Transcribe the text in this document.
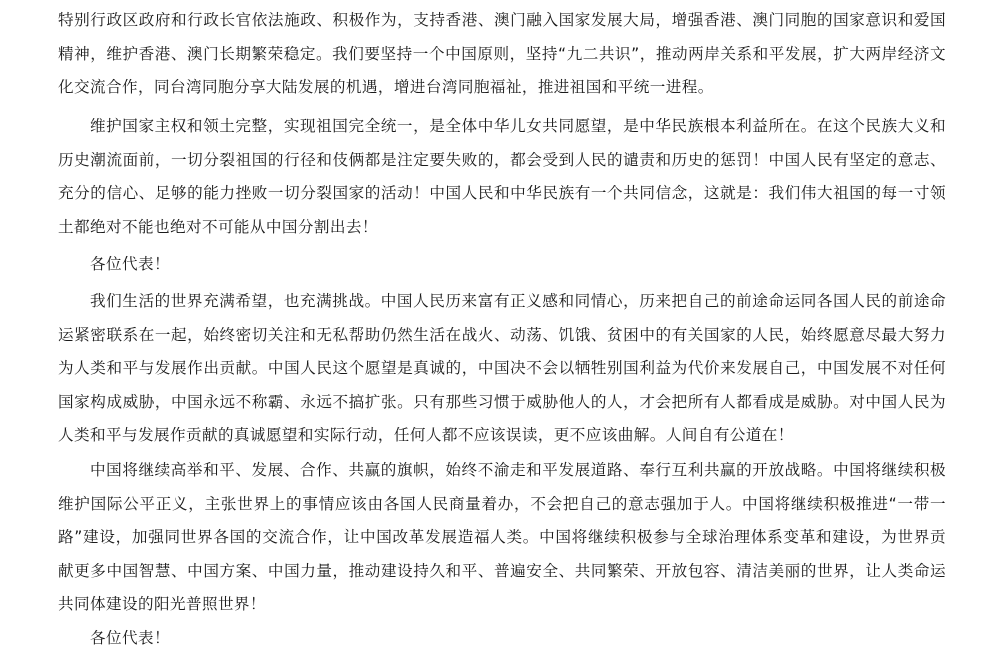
特别行政区政府和行政长官依法施政、积极作为，支持香港、澳门融入国家发展大局，增强香港、澳门同胞的国家意识和爱国精神，维护香港、澳门长期繁荣稳定。我们要坚持一个中国原则，坚持“九二共识”，推动两岸关系和平发展，扩大两岸经济文化交流合作，同台湾同胞分享大陆发展的机遇，增进台湾同胞福祉，推进祖国和平统一进程。

维护国家主权和领土完整，实现祖国完全统一，是全体中华儿女共同愿望，是中华民族根本利益所在。在这个民族大义和历史潮流面前，一切分裂祖国的行径和伎俩都是注定要失败的，都会受到人民的谴责和历史的惩罚！中国人民有坚定的意志、充分的信心、足够的能力挫败一切分裂国家的活动！中国人民和中华民族有一个共同信念，这就是：我们伟大祖国的每一寸领土都绝对不能也绝对不可能从中国分割出去！

各位代表！

我们生活的世界充满希望，也充满挑战。中国人民历来富有正义感和同情心，历来把自己的前途命运同各国人民的前途命运紧密联系在一起，始终密切关注和无私帮助仍然生活在战火、动荡、饥饿、贫困中的有关国家的人民，始终愿意尽最大努力为人类和平与发展作出贡献。中国人民这个愿望是真诚的，中国决不会以牺牲别国利益为代价来发展自己，中国发展不对任何国家构成威胁，中国永远不称霸、永远不搞扩张。只有那些习惯于威胁他人的人，才会把所有人都看成是威胁。对中国人民为人类和平与发展作贡献的真诚愿望和实际行动，任何人都不应该误读，更不应该曲解。人间自有公道在！

中国将继续高举和平、发展、合作、共赢的旗帜，始终不渝走和平发展道路、奉行互利共赢的开放战略。中国将继续积极维护国际公平正义，主张世界上的事情应该由各国人民商量着办，不会把自己的意志强加于人。中国将继续积极推进“一带一路”建设，加强同世界各国的交流合作，让中国改革发展造福人类。中国将继续积极参与全球治理体系变革和建设，为世界贡献更多中国智慧、中国方案、中国力量，推动建设持久和平、普遍安全、共同繁荣、开放包容、清洁美丽的世界，让人类命运共同体建设的阳光普照世界！

各位代表！
